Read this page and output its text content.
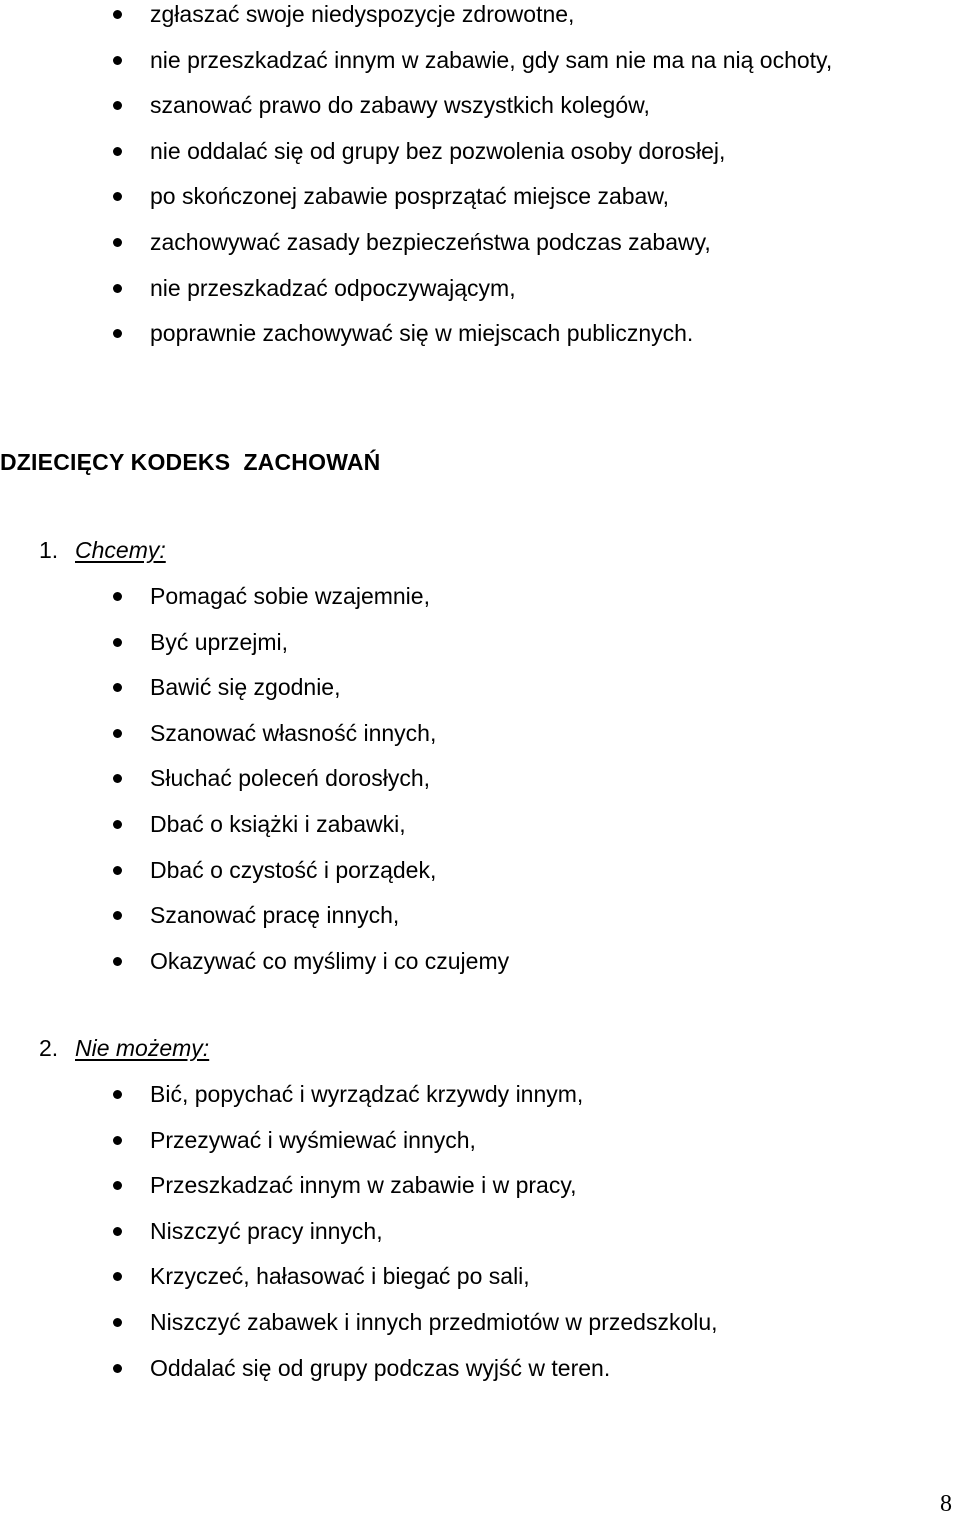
zgłaszać swoje niedyspozycje zdrowotne,
nie przeszkadzać innym w zabawie, gdy sam nie ma na nią ochoty,
szanować prawo do zabawy wszystkich kolegów,
nie oddalać się od grupy bez pozwolenia osoby dorosłej,
po skończonej zabawie posprzątać miejsce zabaw,
zachowywać zasady bezpieczeństwa podczas zabawy,
nie przeszkadzać odpoczywającym,
poprawnie zachowywać się w miejscach publicznych.
DZIECIĘCY KODEKS  ZACHOWAŃ
1. Chcemy:
Pomagać sobie wzajemnie,
Być uprzejmi,
Bawić się zgodnie,
Szanować własność innych,
Słuchać poleceń dorosłych,
Dbać o książki i zabawki,
Dbać o czystość i porządek,
Szanować pracę innych,
Okazywać co myślimy i co czujemy
2. Nie możemy:
Bić, popychać i wyrządzać krzywdy innym,
Przezywać i wyśmiewać innych,
Przeszkadzać innym w zabawie i w pracy,
Niszczyć pracy innych,
Krzyczeć, hałasować i biegać po sali,
Niszczyć zabawek i innych przedmiotów w przedszkolu,
Oddalać się od grupy podczas wyjść w teren.
8
